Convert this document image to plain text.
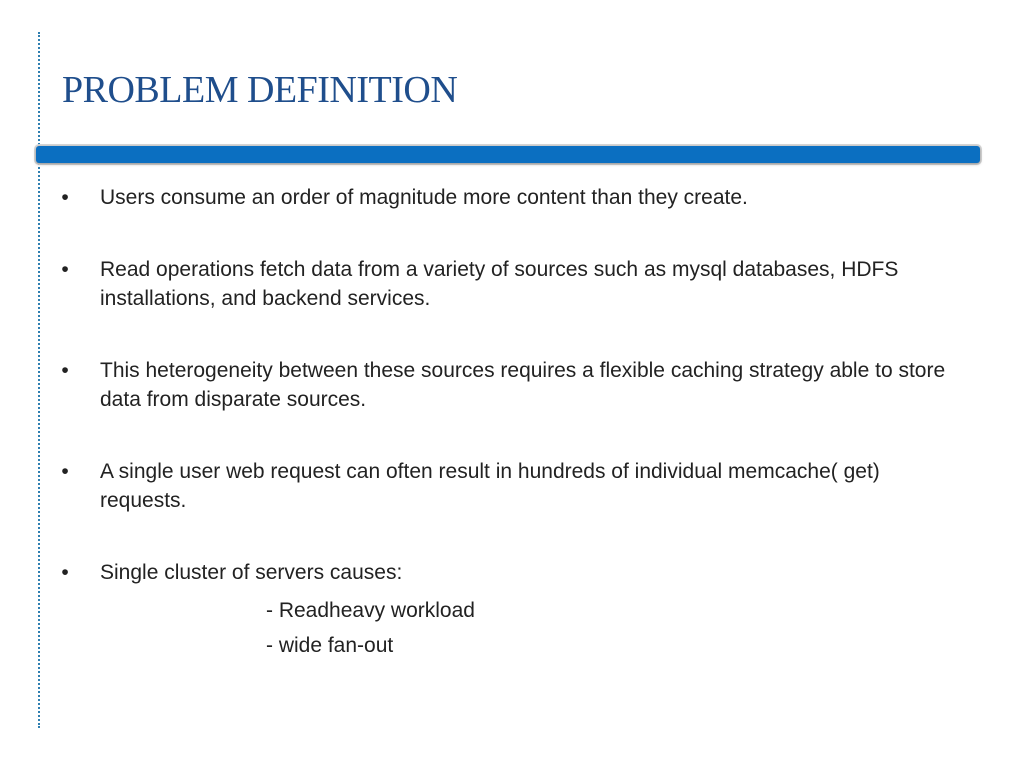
PROBLEM DEFINITION
• Users consume an order of magnitude more content than they create.
• Read operations fetch data from a variety of sources such as mysql databases, HDFS installations, and backend services.
• This heterogeneity between these sources requires a flexible caching strategy able to store data from disparate sources.
• A single user web request can often result in hundreds of individual memcache( get) requests.
• Single cluster of servers causes:
- Readheavy workload
- wide fan-out
